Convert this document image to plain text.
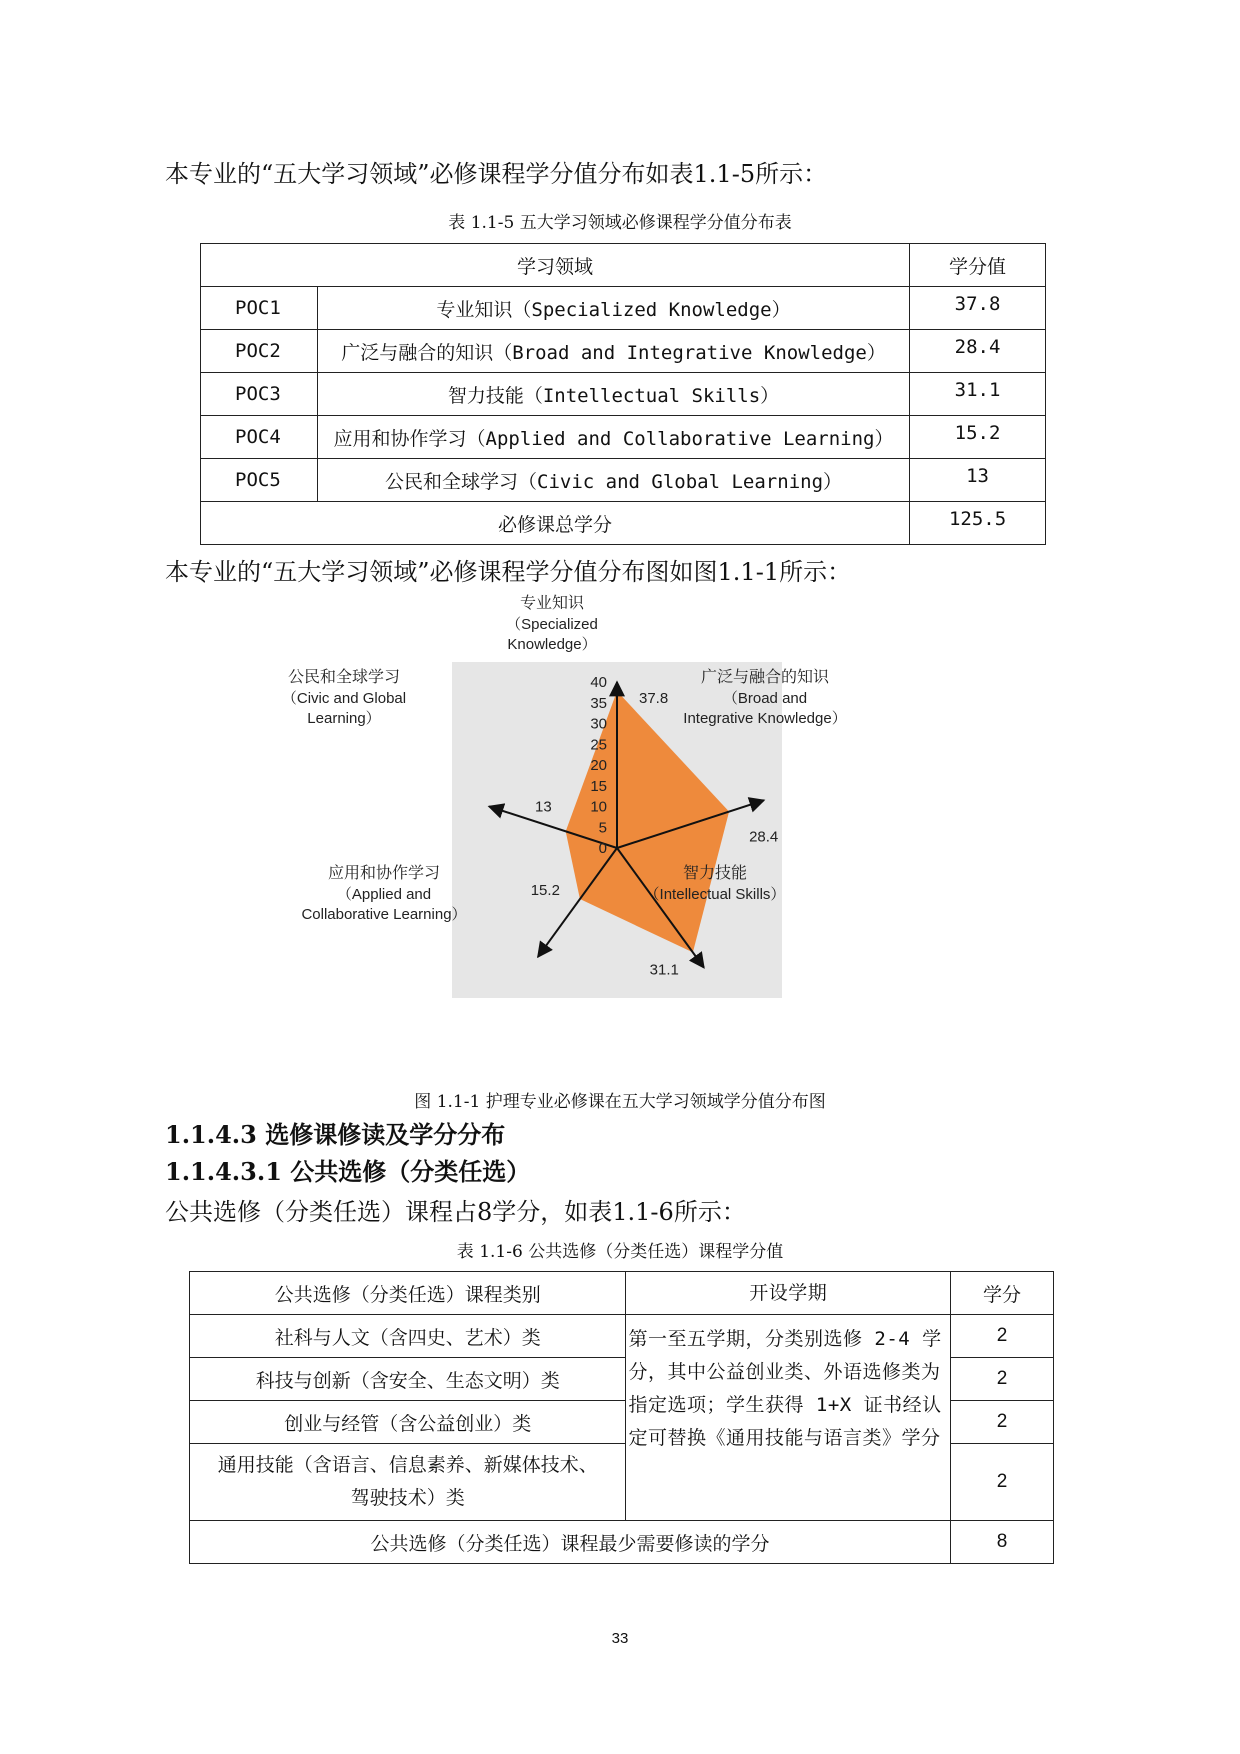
本专业的“五大学习领域”必修课程学分值分布如表1.1-5所示：
表 1.1-5 五大学习领域必修课程学分值分布表
学习领域		学分值
POC1	专业知识（Specialized Knowledge）	37.8
POC2	广泛与融合的知识（Broad and Integrative Knowledge）	28.4
POC3	智力技能（Intellectual Skills）	31.1
POC4	应用和协作学习（Applied and Collaborative Learning）	15.2
POC5	公民和全球学习（Civic and Global Learning）	13
必修课总学分		125.5
本专业的“五大学习领域”必修课程学分值分布图如图1.1-1所示：
0
5
10
15
20
25
30
35
40
37.8
28.4
31.1
15.2
13
专业知识
（Specialized
Knowledge）
广泛与融合的知识
（Broad and
Integrative Knowledge）
智力技能
（Intellectual Skills）
应用和协作学习
（Applied and
Collaborative Learning）
公民和全球学习
（Civic and Global
Learning）
图 1.1-1 护理专业必修课在五大学习领域学分值分布图
1.1.4.3 选修课修读及学分分布
1.1.4.3.1 公共选修（分类任选）
公共选修（分类任选）课程占8学分，如表1.1-6所示：
表 1.1-6 公共选修（分类任选）课程学分值
公共选修（分类任选）课程类别	开设学期	学分
社科与人文（含四史、艺术）类	第一至五学期，分类别选修 2-4 学分，其中公益创业类、外语选修类为指定选项；学生获得 1+X 证书经认定可替换《通用技能与语言类》学分	2
科技与创新（含安全、生态文明）类		2
创业与经管（含公益创业）类		2

通用技能（含语言、信息素养、新媒体技术、
驾驶技术）类		2
公共选修（分类任选）课程最少需要修读的学分		8
33
